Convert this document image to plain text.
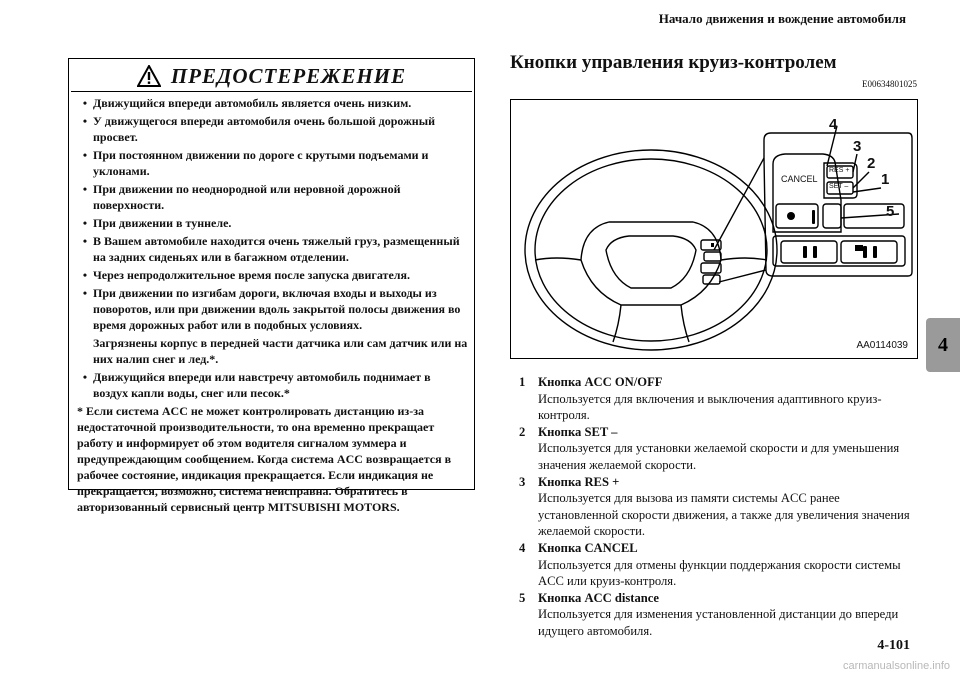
Начало движения и вождение автомобиля
4
ПРЕДОСТЕРЕЖЕНИЕ
• Движущийся впереди автомобиль является очень низким.
• У движущегося впереди автомобиля очень большой дорожный просвет.
• При постоянном движении по дороге с крутыми подъемами и уклонами.
• При движении по неоднородной или неровной дорожной поверхности.
• При движении в туннеле.
• В Вашем автомобиле находится очень тяжелый груз, размещенный на задних сиденьях или в багажном отделении.
• Через непродолжительное время после запуска двигателя.
• При движении по изгибам дороги, включая входы и выходы из поворотов, или при движении вдоль закрытой полосы движения во время дорожных работ или в подобных условиях.
Загрязнены корпус в передней части датчика или сам датчик или на них налип снег и лед.*.
• Движущийся впереди или навстречу автомобиль поднимает в воздух капли воды, снег или песок.*
* Если система ACC не может контролировать дистанцию из-за недостаточной производительности, то она временно прекращает работу и информирует об этом водителя сигналом зуммера и предупреждающим сообщением. Когда система ACC возвращается в рабочее состояние, индикация прекращается. Если индикация не прекращается, возможно, система неисправна. Обратитесь в авторизованный сервисный центр MITSUBISHI MOTORS.
Кнопки управления круиз-контролем
E00634801025
4
3
2
1
5
CANCEL
RES +
SET –
AA0114039
1	Кнопка ACC ON/OFF
Используется для включения и выключения адаптивного круиз-контроля.
2	Кнопка SET –
Используется для установки желаемой скорости и для уменьшения значения желаемой скорости.
3	Кнопка RES +
Используется для вызова из памяти системы ACC ранее установленной скорости движения, а также для увеличения значения желаемой скорости.
4	Кнопка CANCEL
Используется для отмены функции поддержания скорости системы ACC или круиз-контроля.
5	Кнопка ACC distance
Используется для изменения установленной дистанции до впереди идущего автомобиля.
4-101
carmanualsonline.info
